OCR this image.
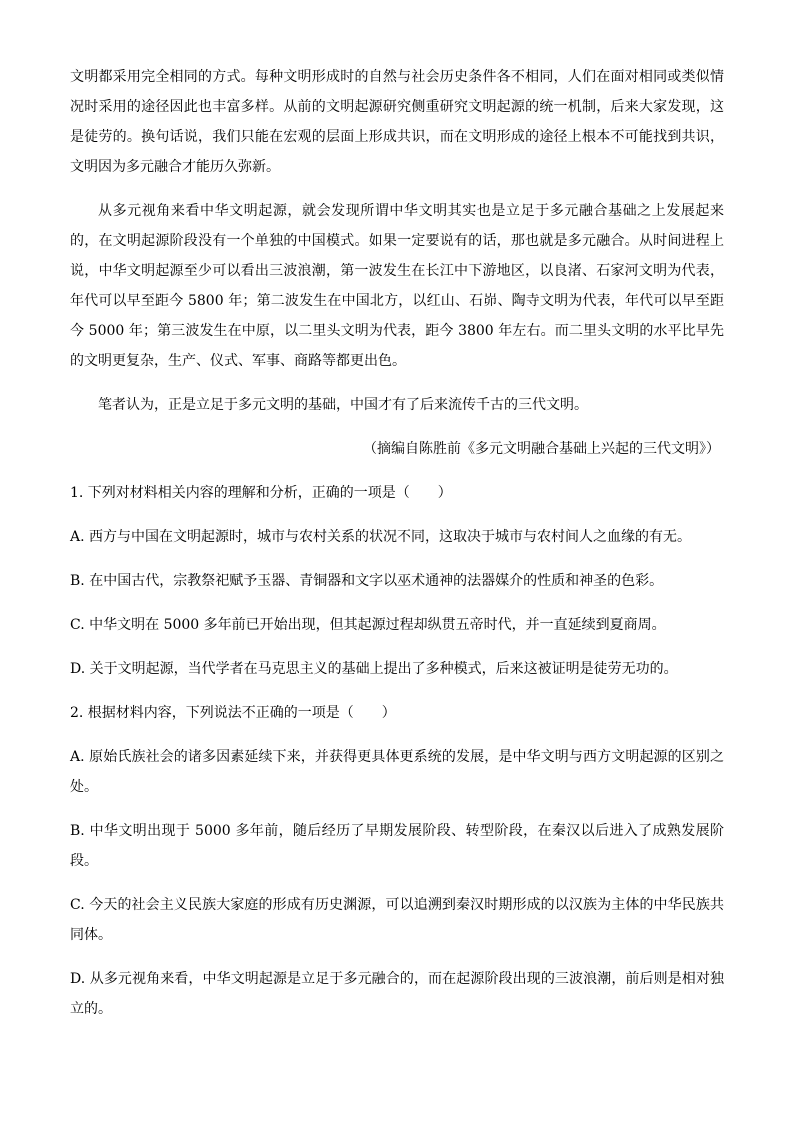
文明都采用完全相同的方式。每种文明形成时的自然与社会历史条件各不相同，人们在面对相同或类似情况时采用的途径因此也丰富多样。从前的文明起源研究侧重研究文明起源的统一机制，后来大家发现，这是徒劳的。换句话说，我们只能在宏观的层面上形成共识，而在文明形成的途径上根本不可能找到共识，文明因为多元融合才能历久弥新。

从多元视角来看中华文明起源，就会发现所谓中华文明其实也是立足于多元融合基础之上发展起来的，在文明起源阶段没有一个单独的中国模式。如果一定要说有的话，那也就是多元融合。从时间进程上说，中华文明起源至少可以看出三波浪潮，第一波发生在长江中下游地区，以良渚、石家河文明为代表，年代可以早至距今 5800 年；第二波发生在中国北方，以红山、石峁、陶寺文明为代表，年代可以早至距今 5000 年；第三波发生在中原，以二里头文明为代表，距今 3800 年左右。而二里头文明的水平比早先的文明更复杂，生产、仪式、军事、商路等都更出色。

笔者认为，正是立足于多元文明的基础，中国才有了后来流传千古的三代文明。

（摘编自陈胜前《多元文明融合基础上兴起的三代文明》）

1. 下列对材料相关内容的理解和分析，正确的一项是（　　）

A. 西方与中国在文明起源时，城市与农村关系的状况不同，这取决于城市与农村间人之血缘的有无。

B. 在中国古代，宗教祭祀赋予玉器、青铜器和文字以巫术通神的法器媒介的性质和神圣的色彩。

C. 中华文明在 5000 多年前已开始出现，但其起源过程却纵贯五帝时代，并一直延续到夏商周。

D. 关于文明起源，当代学者在马克思主义的基础上提出了多种模式，后来这被证明是徒劳无功的。

2. 根据材料内容，下列说法不正确的一项是（　　）

A. 原始氏族社会的诸多因素延续下来，并获得更具体更系统的发展，是中华文明与西方文明起源的区别之处。

B. 中华文明出现于 5000 多年前，随后经历了早期发展阶段、转型阶段，在秦汉以后进入了成熟发展阶段。

C. 今天的社会主义民族大家庭的形成有历史渊源，可以追溯到秦汉时期形成的以汉族为主体的中华民族共同体。

D. 从多元视角来看，中华文明起源是立足于多元融合的，而在起源阶段出现的三波浪潮，前后则是相对独立的。
